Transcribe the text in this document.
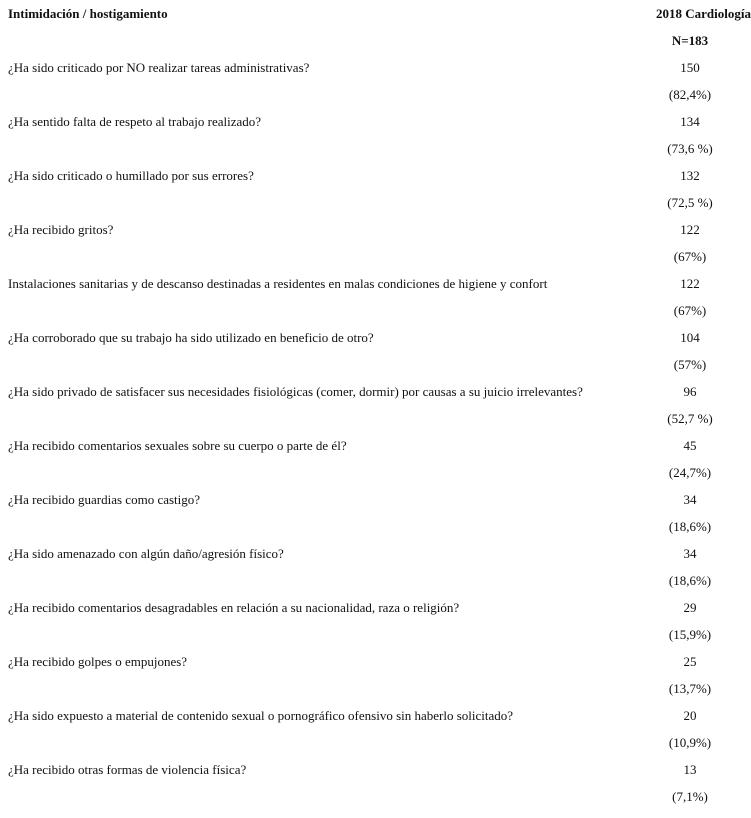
Intimidación / hostigamiento	2018 Cardiología
N=183
¿Ha sido criticado por NO realizar tareas administrativas?	150
(82,4%)
¿Ha sentido falta de respeto al trabajo realizado?	134
(73,6 %)
¿Ha sido criticado o humillado por sus errores?	132
(72,5 %)
¿Ha recibido gritos?	122
(67%)
Instalaciones sanitarias y de descanso destinadas a residentes en malas condiciones de higiene y confort	122
(67%)
¿Ha corroborado que su trabajo ha sido utilizado en beneficio de otro?	104
(57%)
¿Ha sido privado de satisfacer sus necesidades fisiológicas (comer, dormir) por causas a su juicio irrelevantes?	96
(52,7 %)
¿Ha recibido comentarios sexuales sobre su cuerpo o parte de él?	45
(24,7%)
¿Ha recibido guardias como castigo?	34
(18,6%)
¿Ha sido amenazado con algún daño/agresión físico?	34
(18,6%)
¿Ha recibido comentarios desagradables en relación a su nacionalidad, raza o religión?	29
(15,9%)
¿Ha recibido golpes o empujones?	25
(13,7%)
¿Ha sido expuesto a material de contenido sexual o pornográfico ofensivo sin haberlo solicitado?	20
(10,9%)
¿Ha recibido otras formas de violencia física?	13
(7,1%)
